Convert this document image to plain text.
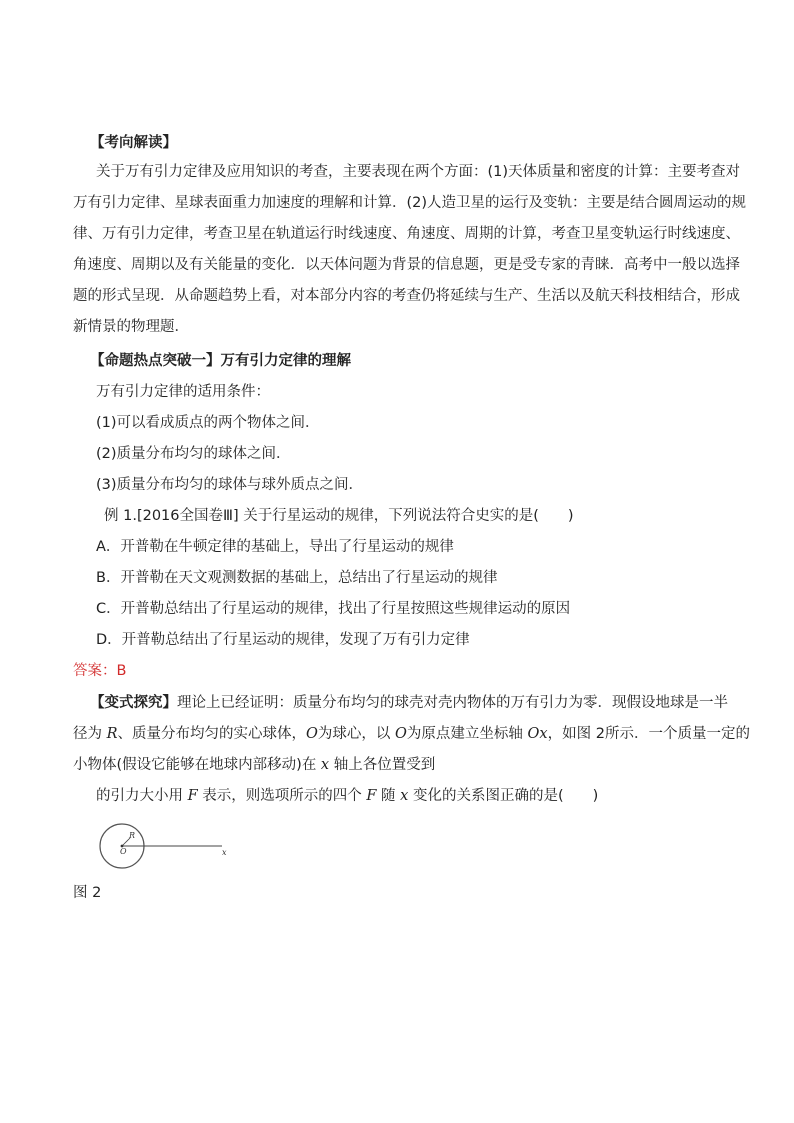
【考向解读】
关于万有引力定律及应用知识的考查，主要表现在两个方面：(1)天体质量和密度的计算：主要考查对
万有引力定律、星球表面重力加速度的理解和计算．(2)人造卫星的运行及变轨：主要是结合圆周运动的规
律、万有引力定律，考查卫星在轨道运行时线速度、角速度、周期的计算，考查卫星变轨运行时线速度、
角速度、周期以及有关能量的变化．以天体问题为背景的信息题，更是受专家的青睐．高考中一般以选择
题的形式呈现．从命题趋势上看，对本部分内容的考查仍将延续与生产、生活以及航天科技相结合，形成
新情景的物理题．
【命题热点突破一】万有引力定律的理解
万有引力定律的适用条件：
(1)可以看成质点的两个物体之间．
(2)质量分布均匀的球体之间．
(3)质量分布均匀的球体与球外质点之间．
例 1.[2016全国卷Ⅲ] 关于行星运动的规律，下列说法符合史实的是(　　)
A．开普勒在牛顿定律的基础上，导出了行星运动的规律
B．开普勒在天文观测数据的基础上，总结出了行星运动的规律
C．开普勒总结出了行星运动的规律，找出了行星按照这些规律运动的原因
D．开普勒总结出了行星运动的规律，发现了万有引力定律
答案：B
【变式探究】理论上已经证明：质量分布均匀的球壳对壳内物体的万有引力为零．现假设地球是一半
径为 R、质量分布均匀的实心球体，O为球心，以 O为原点建立坐标轴 Ox，如图 2所示．一个质量一定的
小物体(假设它能够在地球内部移动)在 x 轴上各位置受到
的引力大小用 F 表示，则选项所示的四个 F 随 x 变化的关系图正确的是(　　)
R
O	x
图 2
